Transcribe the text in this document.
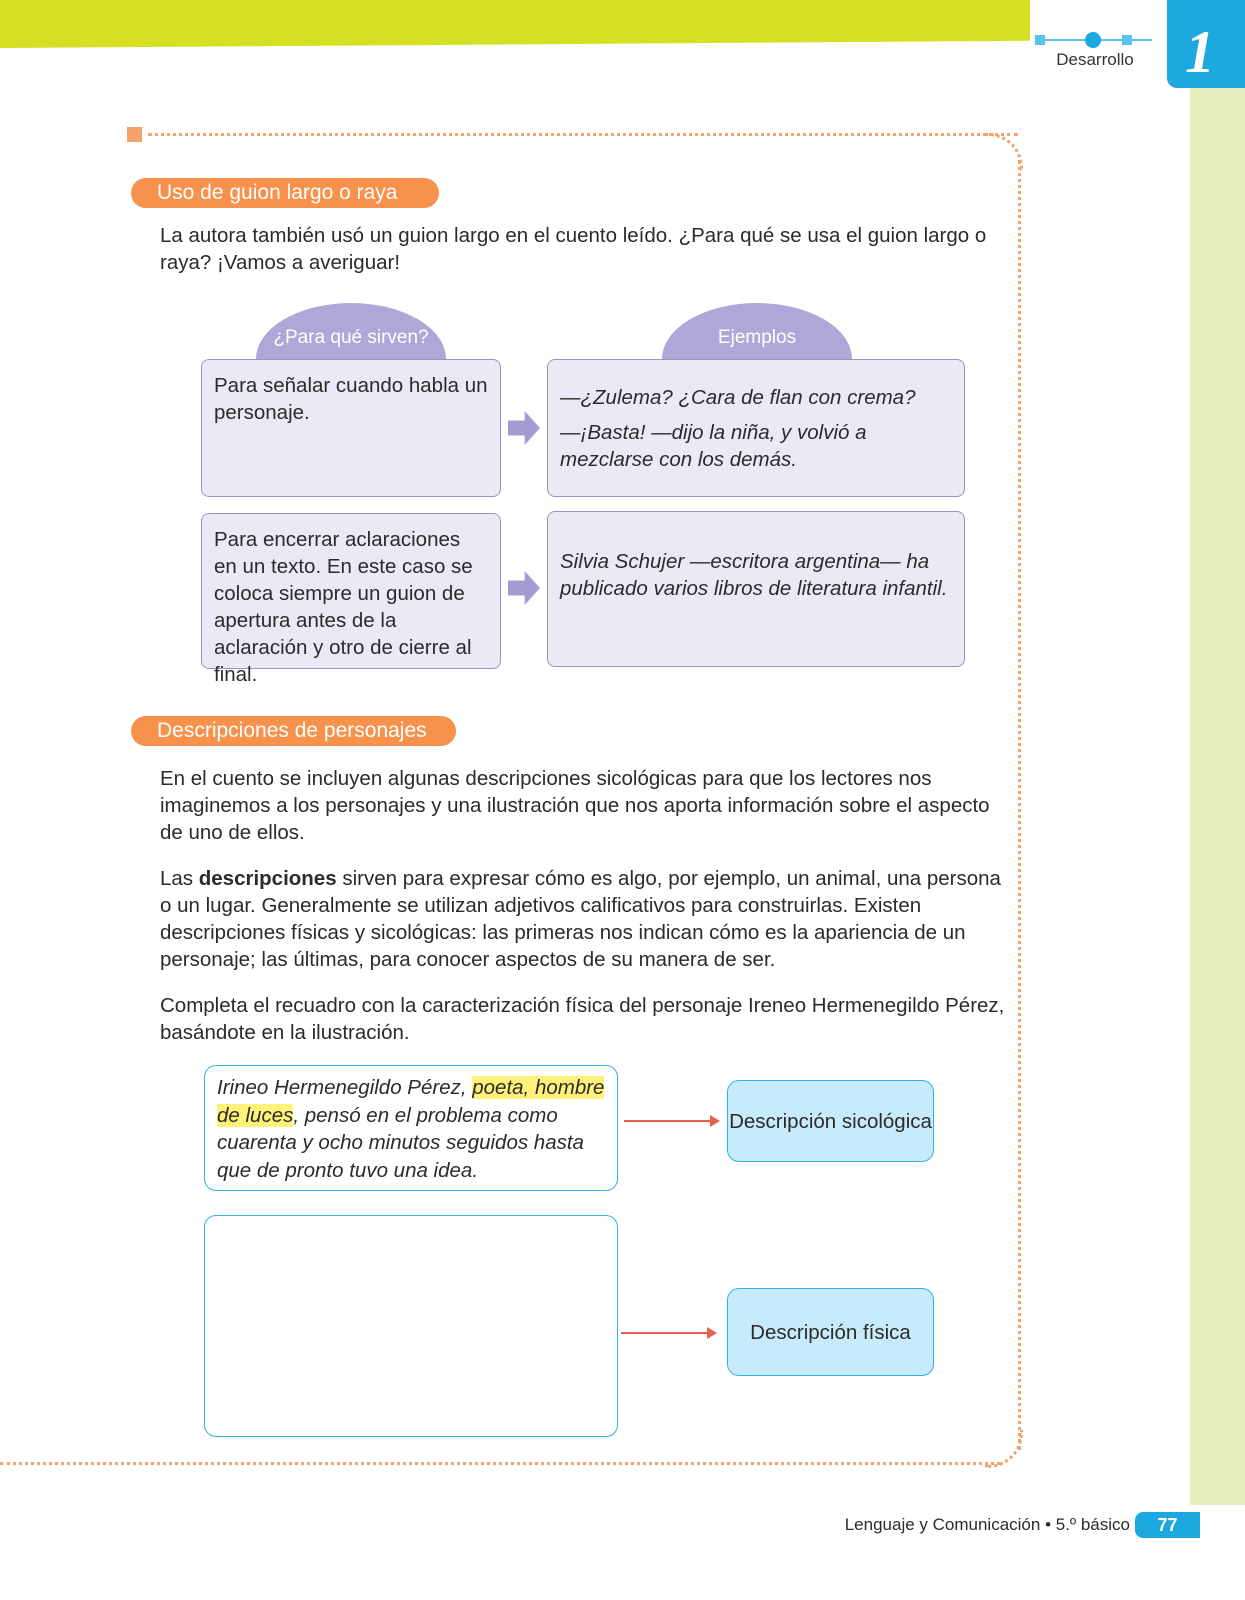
Desarrollo 1
Uso de guion largo o raya
La autora también usó un guion largo en el cuento leído. ¿Para qué se usa el guion largo o raya? ¡Vamos a averiguar!
¿Para qué sirven?	Ejemplos
Para señalar cuando habla un personaje.
—¿Zulema? ¿Cara de flan con crema?
—¡Basta! —dijo la niña, y volvió a mezclarse con los demás.
Para encerrar aclaraciones en un texto. En este caso se coloca siempre un guion de apertura antes de la aclaración y otro de cierre al final.
Silvia Schujer —escritora argentina— ha publicado varios libros de literatura infantil.
Descripciones de personajes
En el cuento se incluyen algunas descripciones sicológicas para que los lectores nos imaginemos a los personajes y una ilustración que nos aporta información sobre el aspecto de uno de ellos.
Las descripciones sirven para expresar cómo es algo, por ejemplo, un animal, una persona o un lugar. Generalmente se utilizan adjetivos calificativos para construirlas. Existen descripciones físicas y sicológicas: las primeras nos indican cómo es la apariencia de un personaje; las últimas, para conocer aspectos de su manera de ser.
Completa el recuadro con la caracterización física del personaje Ireneo Hermenegildo Pérez, basándote en la ilustración.
Irineo Hermenegildo Pérez, poeta, hombre de luces, pensó en el problema como cuarenta y ocho minutos seguidos hasta que de pronto tuvo una idea.
Descripción sicológica
Descripción física
Lenguaje y Comunicación • 5.º básico	77
